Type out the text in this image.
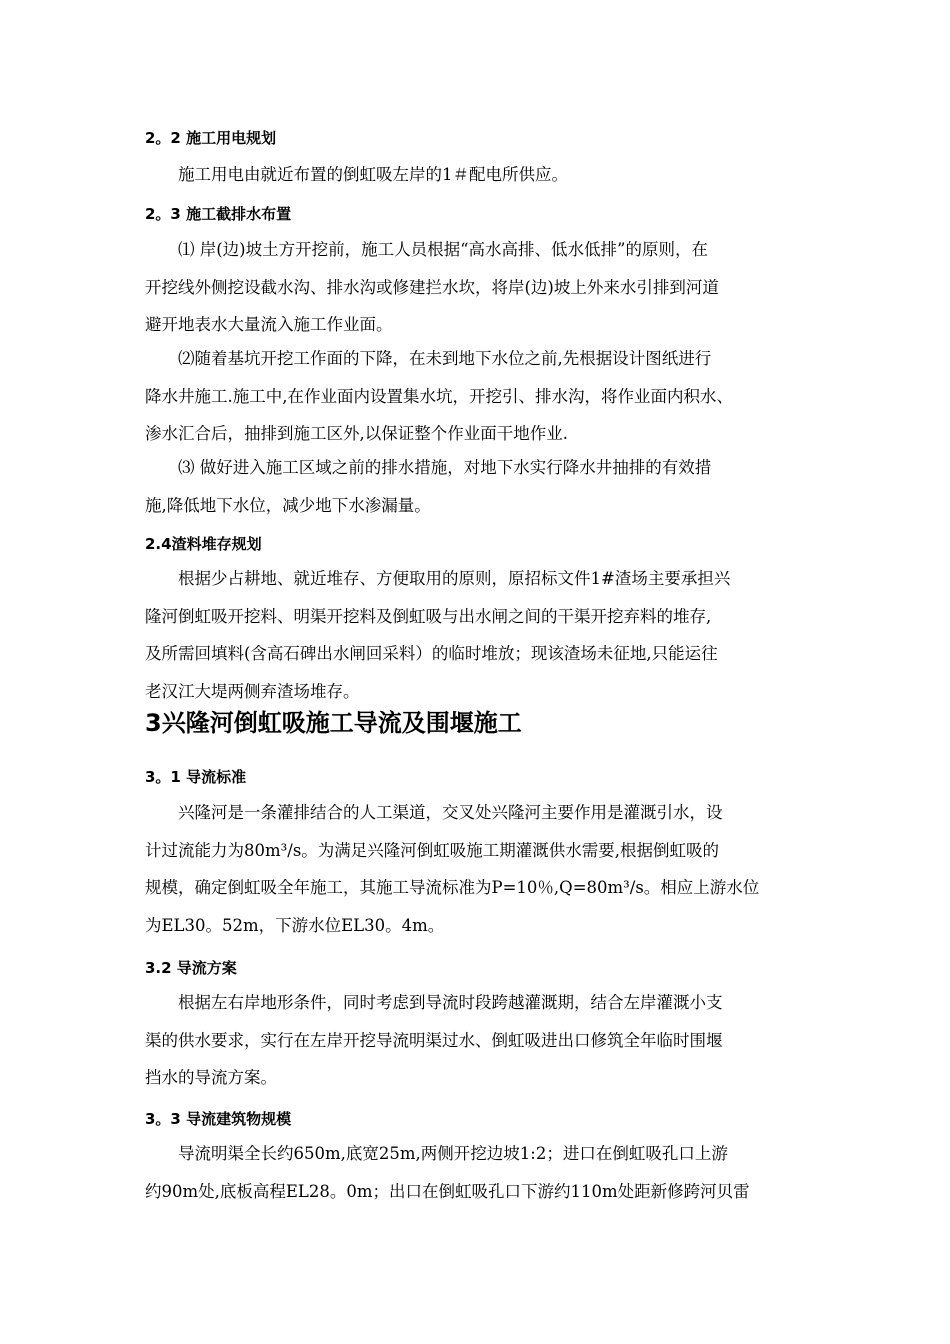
2。2 施工用电规划
施工用电由就近布置的倒虹吸左岸的1＃配电所供应。
2。3 施工截排水布置
⑴ 岸(边)坡土方开挖前，施工人员根据“高水高排、低水低排”的原则，在
开挖线外侧挖设截水沟、排水沟或修建拦水坎，将岸(边)坡上外来水引排到河道
避开地表水大量流入施工作业面。
⑵随着基坑开挖工作面的下降，在未到地下水位之前,先根据设计图纸进行
降水井施工.施工中,在作业面内设置集水坑，开挖引、排水沟，将作业面内积水、
渗水汇合后，抽排到施工区外,以保证整个作业面干地作业.
⑶ 做好进入施工区域之前的排水措施，对地下水实行降水井抽排的有效措
施,降低地下水位，减少地下水渗漏量。
2.4渣料堆存规划
根据少占耕地、就近堆存、方便取用的原则，原招标文件1#渣场主要承担兴
隆河倒虹吸开挖料、明渠开挖料及倒虹吸与出水闸之间的干渠开挖弃料的堆存,
及所需回填料(含高石碑出水闸回采料）的临时堆放；现该渣场未征地,只能运往
老汉江大堤两侧弃渣场堆存。
3兴隆河倒虹吸施工导流及围堰施工
3。1 导流标准
兴隆河是一条灌排结合的人工渠道，交叉处兴隆河主要作用是灌溉引水，设
计过流能力为80m³/s。为满足兴隆河倒虹吸施工期灌溉供水需要,根据倒虹吸的
规模，确定倒虹吸全年施工，其施工导流标准为P=10％,Q=80m³/s。相应上游水位
为EL30。52m，下游水位EL30。4m。
3.2 导流方案
根据左右岸地形条件，同时考虑到导流时段跨越灌溉期，结合左岸灌溉小支
渠的供水要求，实行在左岸开挖导流明渠过水、倒虹吸进出口修筑全年临时围堰
挡水的导流方案。
3。3 导流建筑物规模
导流明渠全长约650m,底宽25m,两侧开挖边坡1:2；进口在倒虹吸孔口上游
约90m处,底板高程EL28。0m；出口在倒虹吸孔口下游约110m处距新修跨河贝雷
